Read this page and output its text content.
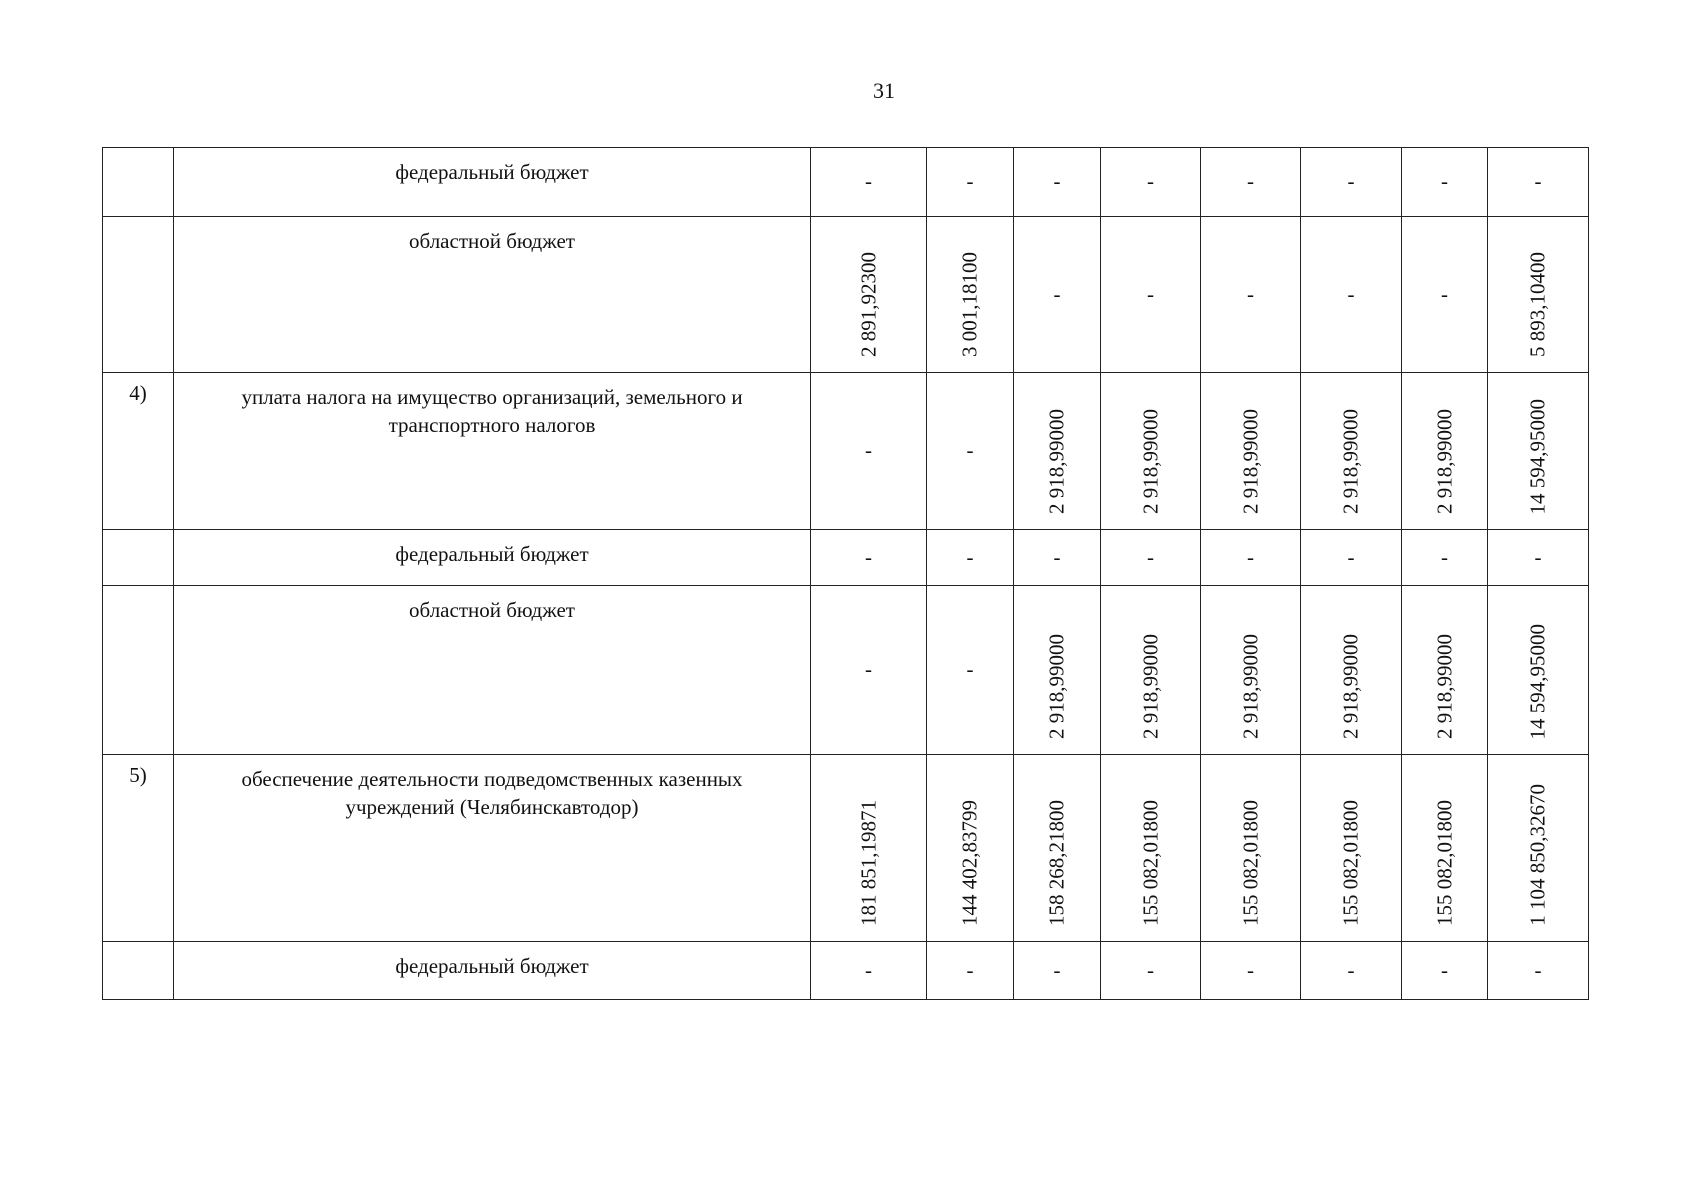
31
	федеральный бюджет	-	-	-	-	-	-	-	-

	областной бюджет	2 891,92300	3 001,18100	-	-	-	-	-	5 893,10400

4)	уплата налога на имущество организаций, земельного и транспортного налогов	-	-	2 918,99000	2 918,99000	2 918,99000	2 918,99000	2 918,99000	14 594,95000

	федеральный бюджет	-	-	-	-	-	-	-	-

	областной бюджет	-	-	2 918,99000	2 918,99000	2 918,99000	2 918,99000	2 918,99000	14 594,95000

5)	обеспечение деятельности подведомственных казенных учреждений (Челябинскавтодор)	181 851,19871	144 402,83799	158 268,21800	155 082,01800	155 082,01800	155 082,01800	155 082,01800	1 104 850,32670

	федеральный бюджет	-	-	-	-	-	-	-	-
